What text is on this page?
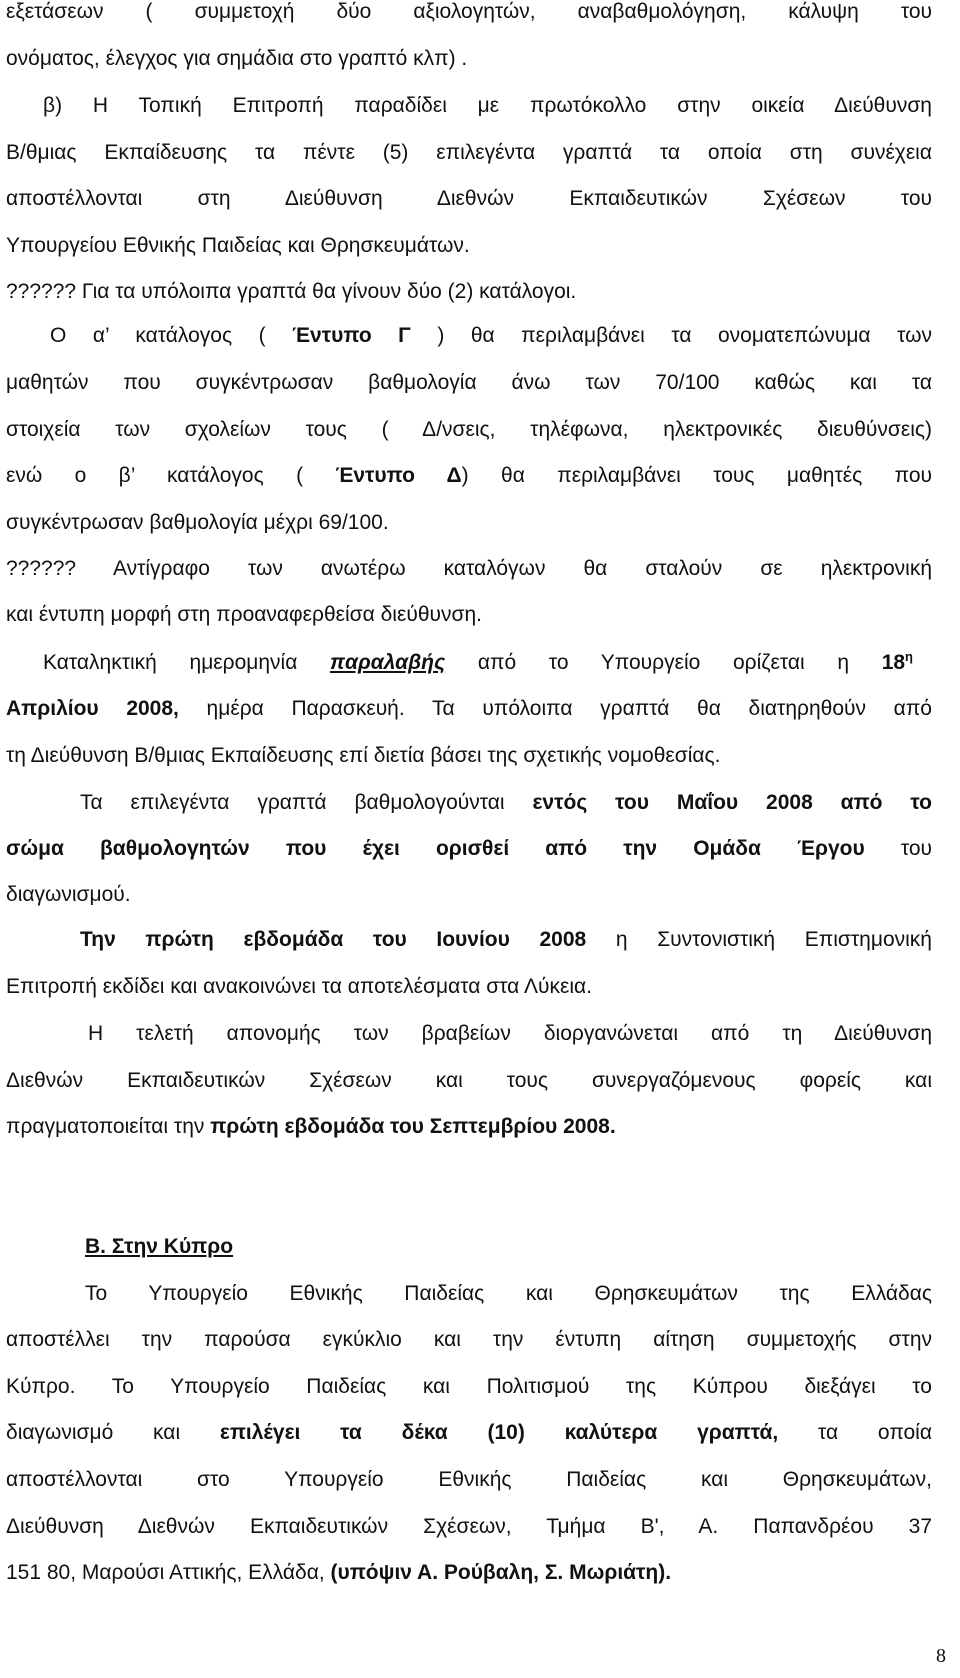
εξετάσεων ( συμμετοχή δύο αξιολογητών, αναβαθμολόγηση, κάλυψη του
ονόματος, έλεγχος για σημάδια στο γραπτό κλπ) .
β) Η Τοπική Επιτροπή παραδίδει με πρωτόκολλο στην οικεία Διεύθυνση
Β/θμιας Εκπαίδευσης τα πέντε (5) επιλεγέντα γραπτά τα οποία στη συνέχεια
αποστέλλονται στη Διεύθυνση Διεθνών Εκπαιδευτικών Σχέσεων του
Υπουργείου Εθνικής Παιδείας και Θρησκευμάτων.
?????? Για τα υπόλοιπα γραπτά θα γίνουν δύο (2) κατάλογοι.
Ο α’ κατάλογος ( Έντυπο Γ ) θα περιλαμβάνει τα ονοματεπώνυμα των
μαθητών που συγκέντρωσαν βαθμολογία άνω των 70/100 καθώς και τα
στοιχεία των σχολείων τους ( Δ/νσεις, τηλέφωνα, ηλεκτρονικές διευθύνσεις)
ενώ ο β’ κατάλογος ( Έντυπο Δ) θα περιλαμβάνει τους μαθητές που
συγκέντρωσαν βαθμολογία μέχρι 69/100.
?????? Αντίγραφο των ανωτέρω καταλόγων θα σταλούν σε ηλεκτρονική
και έντυπη μορφή στη προαναφερθείσα διεύθυνση.
Καταληκτική ημερομηνία παραλαβής από το Υπουργείο ορίζεται η $18^\eta$
Απριλίου 2008, ημέρα Παρασκευή. Τα υπόλοιπα γραπτά θα διατηρηθούν από
τη Διεύθυνση Β/θμιας Εκπαίδευσης επί διετία βάσει της σχετικής νομοθεσίας.
Τα επιλεγέντα γραπτά βαθμολογούνται εντός του Μαΐου 2008 από το
σώμα βαθμολογητών που έχει ορισθεί από την Ομάδα Έργου του
διαγωνισμού.
Την πρώτη εβδομάδα του Ιουνίου 2008 η Συντονιστική Επιστημονική
Επιτροπή εκδίδει και ανακοινώνει τα αποτελέσματα στα Λύκεια.
Η τελετή απονομής των βραβείων διοργανώνεται από τη Διεύθυνση
Διεθνών Εκπαιδευτικών Σχέσεων και τους συνεργαζόμενους φορείς και
πραγματοποιείται την πρώτη εβδομάδα του Σεπτεμβρίου 2008.
Β. Στην Κύπρο
Το Υπουργείο Εθνικής Παιδείας και Θρησκευμάτων της Ελλάδας
αποστέλλει την παρούσα εγκύκλιο και την έντυπη αίτηση συμμετοχής στην
Κύπρο. Το Υπουργείο Παιδείας και Πολιτισμού της Κύπρου διεξάγει το
διαγωνισμό και επιλέγει τα δέκα (10) καλύτερα γραπτά, τα οποία
αποστέλλονται στο Υπουργείο Εθνικής Παιδείας και Θρησκευμάτων,
Διεύθυνση Διεθνών Εκπαιδευτικών Σχέσεων, Τμήμα Β', Α. Παπανδρέου 37
151 80, Μαρούσι Αττικής, Ελλάδα, (υπόψιν Α. Ρούβαλη, Σ. Μωριάτη).
8
